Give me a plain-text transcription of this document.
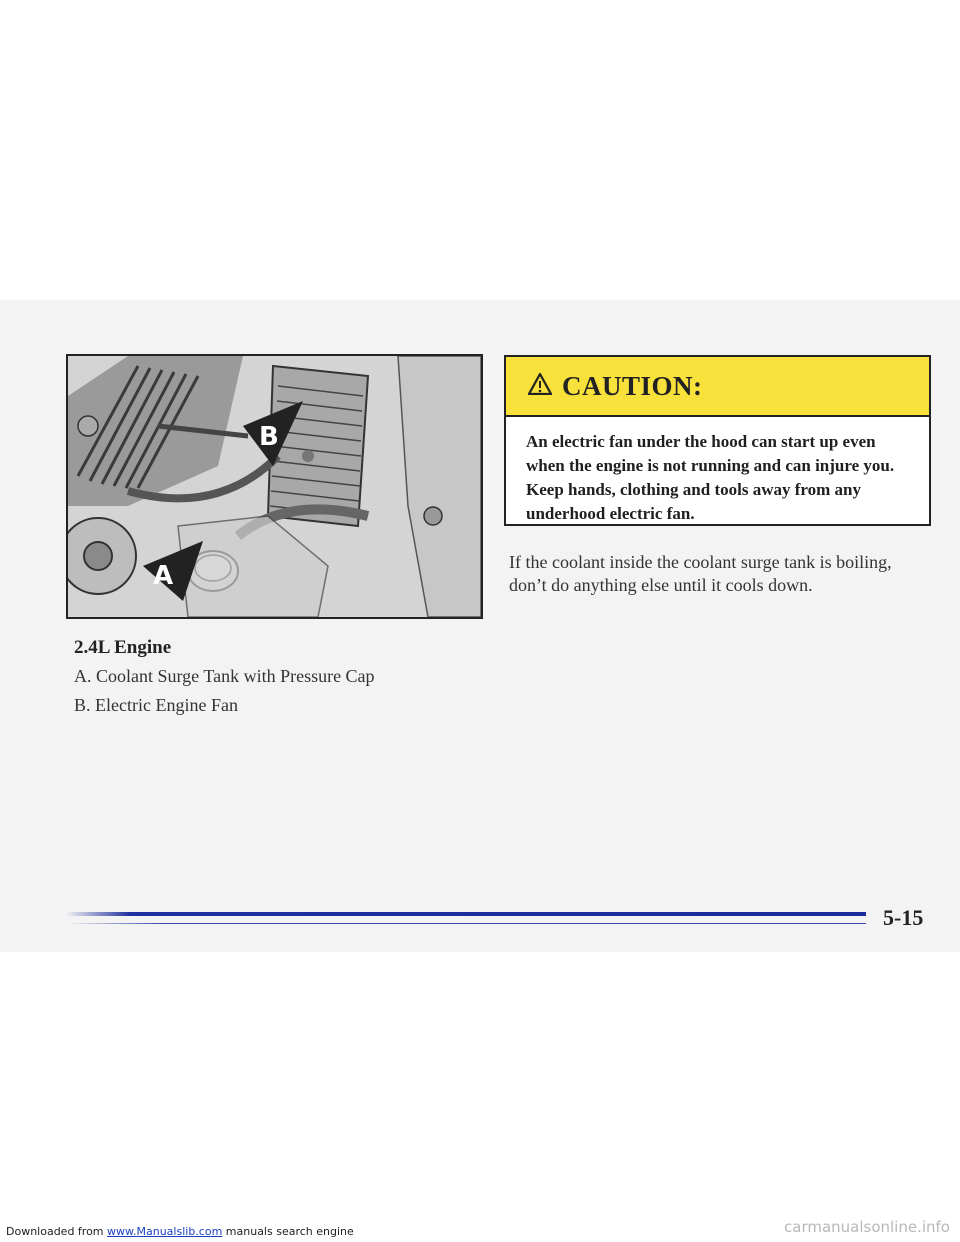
B
A
2.4L Engine
A. Coolant Surge Tank with Pressure Cap
B. Electric Engine Fan
CAUTION:
An electric fan under the hood can start up even when the engine is not running and can injure you. Keep hands, clothing and tools away from any underhood electric fan.
If the coolant inside the coolant surge tank is boiling, don’t do anything else until it cools down.
5-15
Downloaded from www.Manualslib.com manuals search engine	carmanualsonline.info
